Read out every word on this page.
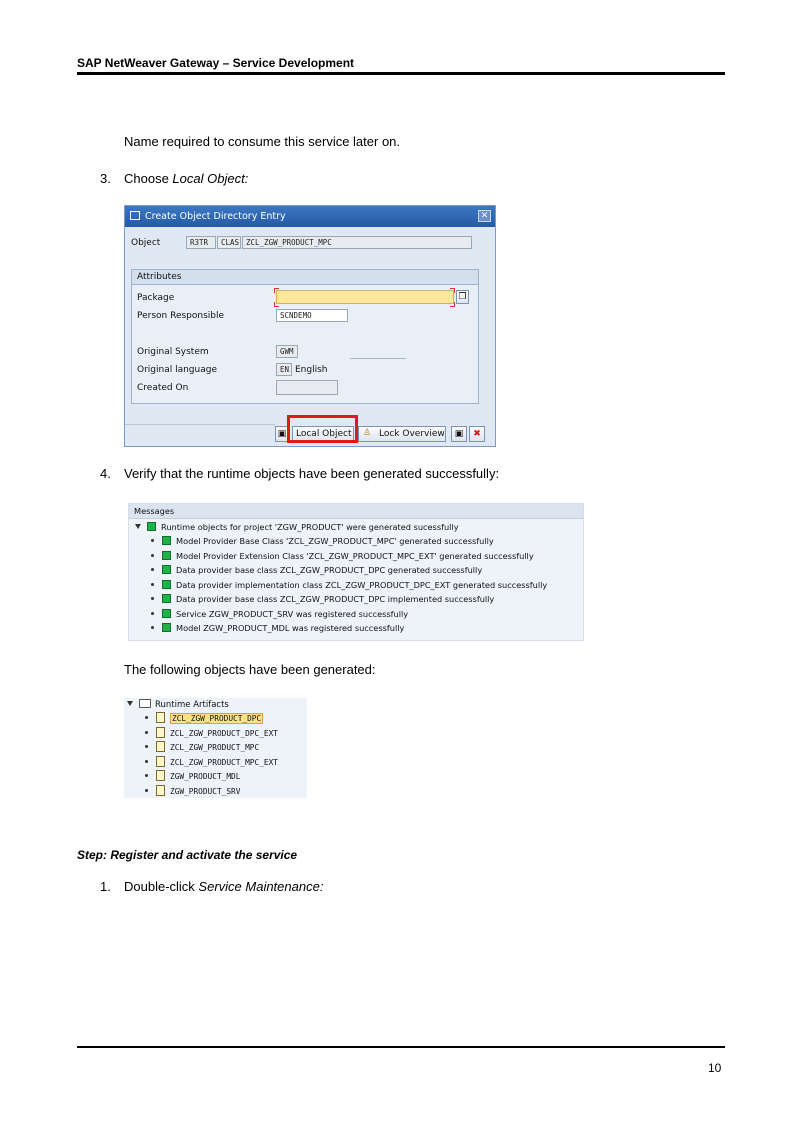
SAP NetWeaver Gateway – Service Development
Name required to consume this service later on.
3. Choose Local Object:
Create Object Directory Entry	✕
Object	R3TR	CLAS ZCL_ZGW_PRODUCT_MPC
Attributes
Package	❐
Person Responsible	SCNDEMO
Original System	GWM
Original language	EN English
Created On
▣	Local Object	Lock Overview
♙	▣	✖
4. Verify that the runtime objects have been generated successfully:
Messages
Runtime objects for project 'ZGW_PRODUCT' were generated sucessfully
Model Provider Base Class 'ZCL_ZGW_PRODUCT_MPC' generated successfully
Model Provider Extension Class 'ZCL_ZGW_PRODUCT_MPC_EXT' generated successfully
Data provider base class ZCL_ZGW_PRODUCT_DPC generated successfully
Data provider implementation class ZCL_ZGW_PRODUCT_DPC_EXT generated successfully
Data provider base class ZCL_ZGW_PRODUCT_DPC implemented successfully
Service ZGW_PRODUCT_SRV was registered successfully
Model ZGW_PRODUCT_MDL was registered successfully
The following objects have been generated:
Runtime Artifacts
ZCL_ZGW_PRODUCT_DPC
ZCL_ZGW_PRODUCT_DPC_EXT
ZCL_ZGW_PRODUCT_MPC
ZCL_ZGW_PRODUCT_MPC_EXT
ZGW_PRODUCT_MDL
ZGW_PRODUCT_SRV
Step: Register and activate the service
1. Double-click Service Maintenance:
10
